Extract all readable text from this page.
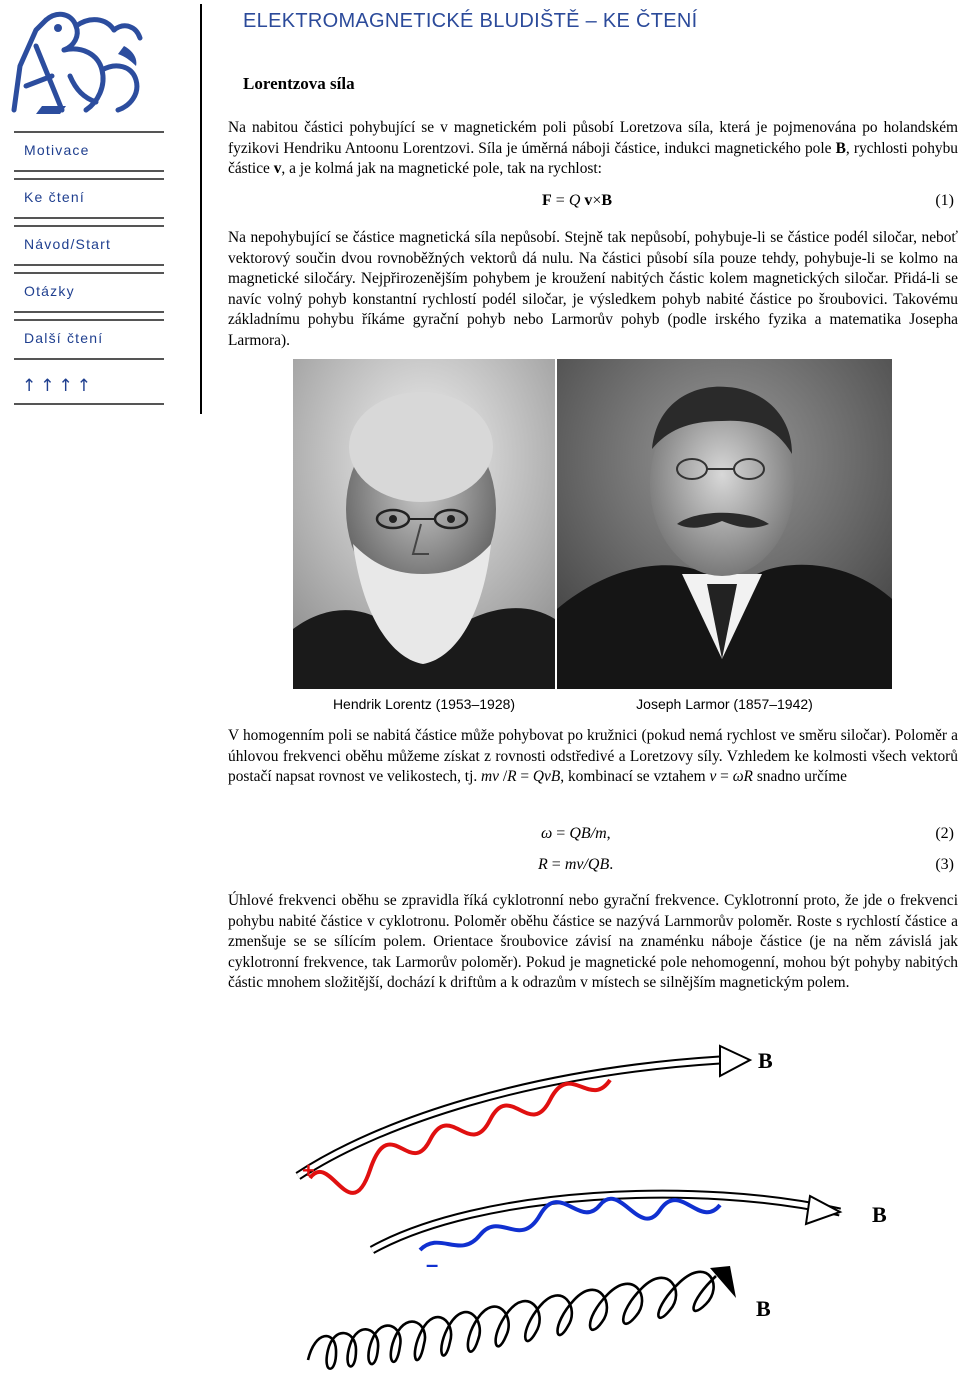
Motivace
Ke čtení
Návod/Start
Otázky
Další čtení
↑↑↑↑
ELEKTROMAGNETICKÉ BLUDIŠTĚ – KE ČTENÍ
Lorentzova síla

Na nabitou částici pohybující se v magnetickém poli působí Loretzova síla, která je pojmenována po holandském fyzikovi Hendriku Antoonu Lorentzovi. Síla je úměrná náboji částice, indukci magnetického pole B, rychlosti pohybu částice v, a je kolmá jak na magnetické pole, tak na rychlost:

F = Q v×B	(1)

Na nepohybující se částice magnetická síla nepůsobí. Stejně tak nepůsobí, pohybuje-li se částice podél siločar, neboť vektorový součin dvou rovnoběžných vektorů dá nulu. Na částici působí síla pouze tehdy, pohybuje-li se kolmo na magnetické siločáry. Nejpřirozenějším pohybem je kroužení nabitých částic kolem magnetických siločar. Přidá-li se navíc volný pohyb konstantní rychlostí podél siločar, je výsledkem pohyb nabité částice po šroubovici. Takovému základnímu pohybu říkáme gyrační pohyb nebo Larmorův pohyb (podle irského fyzika a matematika Josepha Larmora).

Hendrik Lorentz (1953–1928)	Joseph Larmor (1857–1942)

V homogenním poli se nabitá částice může pohybovat po kružnici (pokud nemá rychlost ve směru siločar). Poloměr a úhlovou frekvenci oběhu můžeme získat z rovnosti odstředivé a Loretzovy síly. Vzhledem ke kolmosti všech vektorů postačí napsat rovnost ve velikostech, tj. mv /R = QvB, kombinací se vztahem v = ωR snadno určíme

ω = QB/m,	(2)
R = mv/QB.	(3)

Úhlové frekvenci oběhu se zpravidla říká cyklotronní nebo gyrační frekvence. Cyklotronní proto, že jde o frekvenci pohybu nabité částice v cyklotronu. Poloměr oběhu částice se nazývá Larnmorův poloměr. Roste s rychlostí částice a zmenšuje se se sílícím polem. Orientace šroubovice závisí na znaménku náboje částice (je na něm závislá jak cyklotronní frekvence, tak Larmorův poloměr). Pokud je magnetické pole nehomogenní, mohou být pohyby nabitých částic mnohem složitější, dochází k driftům a k odrazům v místech se silnějším magnetickým polem.

B
+
B
–
B
